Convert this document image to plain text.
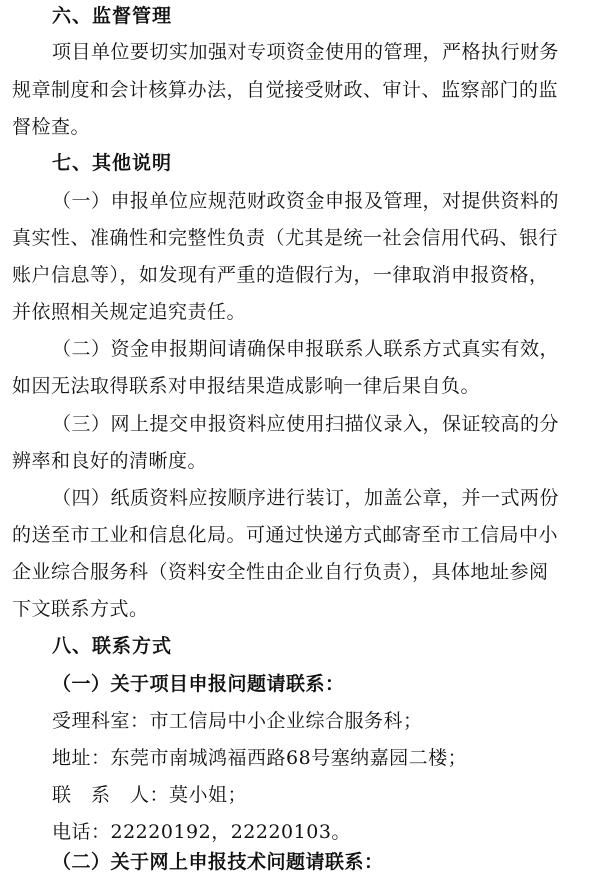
六、监督管理
项目单位要切实加强对专项资金使用的管理，严格执行财务
规章制度和会计核算办法，自觉接受财政、审计、监察部门的监
督检查。
七、其他说明
（一）申报单位应规范财政资金申报及管理，对提供资料的
真实性、准确性和完整性负责（尤其是统一社会信用代码、银行
账户信息等），如发现有严重的造假行为，一律取消申报资格，
并依照相关规定追究责任。
（二）资金申报期间请确保申报联系人联系方式真实有效，
如因无法取得联系对申报结果造成影响一律后果自负。
（三）网上提交申报资料应使用扫描仪录入，保证较高的分
辨率和良好的清晰度。
（四）纸质资料应按顺序进行装订，加盖公章，并一式两份
的送至市工业和信息化局。可通过快递方式邮寄至市工信局中小
企业综合服务科（资料安全性由企业自行负责），具体地址参阅
下文联系方式。
八、联系方式
（一）关于项目申报问题请联系：
受理科室：市工信局中小企业综合服务科；
地址：东莞市南城鸿福西路68号塞纳嘉园二楼；
联　系　人：莫小姐；
电话：22220192，22220103。
（二）关于网上申报技术问题请联系：
